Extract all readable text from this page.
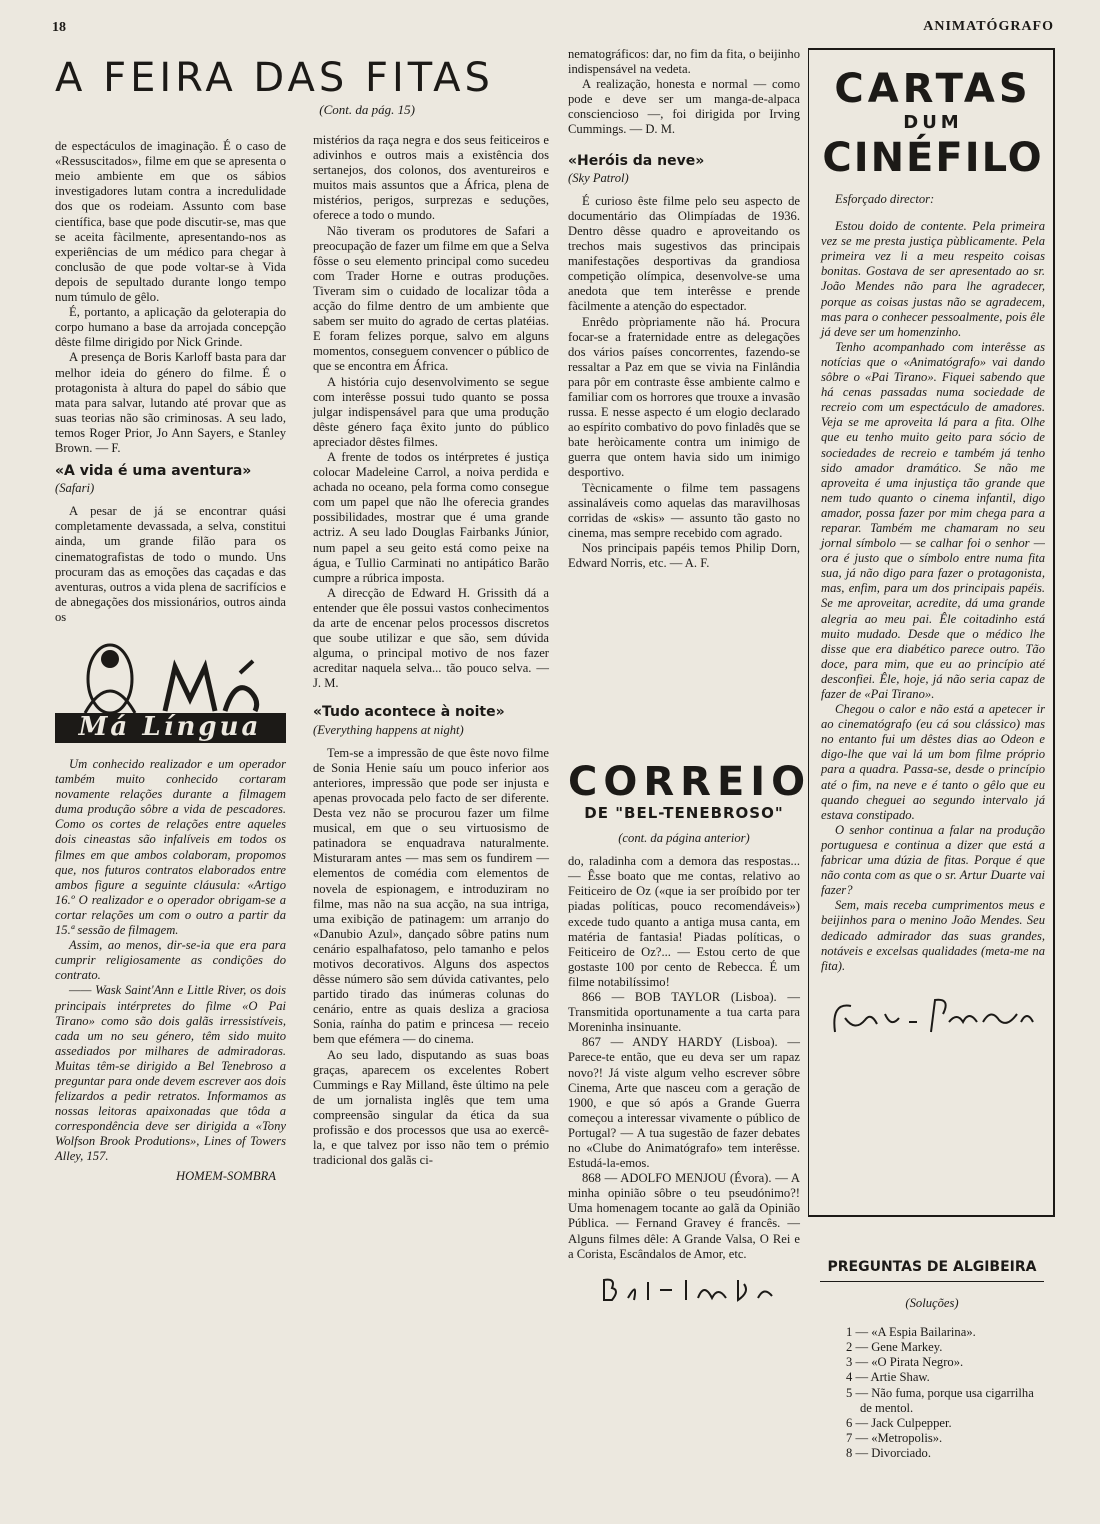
18	ANIMATÓGRAFO
A FEIRA DAS FITAS
(Cont. da pág. 15)

de espectáculos de imaginação. É o caso de «Ressuscitados», filme em que se apresenta o meio ambiente em que os sábios investigadores lutam contra a incredulidade dos que os rodeiam. Assunto com base científica, base que pode discutir-se, mas que se aceita fàcilmente, apresentando-nos as experiências de um médico para chegar à conclusão de que pode voltar-se à Vida depois de sepultado durante longo tempo num túmulo de gêlo.

É, portanto, a aplicação da geloterapia do corpo humano a base da arrojada concepção dêste filme dirigido por Nick Grinde.

A presença de Boris Karloff basta para dar melhor ideia do género do filme. É o protagonista à altura do papel do sábio que mata para salvar, lutando até provar que as suas teorias não são criminosas. A seu lado, temos Roger Prior, Jo Ann Sayers, e Stanley Brown. — F.

«A vida é uma aventura»
(Safari)

A pesar de já se encontrar quási completamente devassada, a selva, constitui ainda, um grande filão para os cinematografistas de todo o mundo. Uns procuram das as emoções das caçadas e das aventuras, outros a vida plena de sacrifícios e de abnegações dos missionários, outros ainda os

Má Língua

Um conhecido realizador e um operador também muito conhecido cortaram novamente relações durante a filmagem duma produção sôbre a vida de pescadores. Como os cortes de relações entre aqueles dois cineastas são infalíveis em todos os filmes em que ambos colaboram, propomos que, nos futuros contratos elaborados entre ambos figure a seguinte cláusula: «Artigo 16.º O realizador e o operador obrigam-se a cortar relações um com o outro a partir da 15.ª sessão de filmagem.

Assim, ao menos, dir-se-ia que era para cumprir religiosamente as condições do contrato.

—— Wask Saint'Ann e Little River, os dois principais intérpretes do filme «O Pai Tirano» como são dois galãs irressistíveis, cada um no seu género, têm sido muito assediados por milhares de admiradoras. Muitas têm-se dirigido a Bel Tenebroso a preguntar para onde devem escrever aos dois felizardos a pedir retratos. Informamos as nossas leitoras apaixonadas que tôda a correspondência deve ser dirigida a «Tony Wolfson Brook Produtions», Lines of Towers Alley, 157.

HOMEM-SOMBRA

mistérios da raça negra e dos seus feiticeiros e adivinhos e outros mais a existência dos sertanejos, dos colonos, dos aventureiros e muitos mais assuntos que a África, plena de mistérios, perigos, surprezas e seduções, oferece a todo o mundo.

Não tiveram os produtores de Safari a preocupação de fazer um filme em que a Selva fôsse o seu elemento principal como sucedeu com Trader Horne e outras produções. Tiveram sim o cuidado de localizar tôda a acção do filme dentro de um ambiente que sabem ser muito do agrado de certas platéias. E foram felizes porque, salvo em alguns momentos, conseguem convencer o público de que se encontra em África.

A história cujo desenvolvimento se segue com interêsse possui tudo quanto se possa julgar indispensável para que uma produção dêste género faça êxito junto do público apreciador dêstes filmes.

A frente de todos os intérpretes é justiça colocar Madeleine Carrol, a noiva perdida e achada no oceano, pela forma como consegue com um papel que não lhe oferecia grandes possibilidades, mostrar que é uma grande actriz. A seu lado Douglas Fairbanks Júnior, num papel a seu geito está como peixe na água, e Tullio Carminati no antipático Barão cumpre a rúbrica imposta.

A direcção de Edward H. Grissith dá a entender que êle possui vastos conhecimentos da arte de encenar pelos processos discretos que soube utilizar e que são, sem dúvida alguma, o principal motivo de nos fazer acreditar naquela selva... tão pouco selva. — J. M.

«Tudo acontece à noite»
(Everything happens at night)

Tem-se a impressão de que êste novo filme de Sonia Henie saíu um pouco inferior aos anteriores, impressão que pode ser injusta e apenas provocada pelo facto de ser diferente. Desta vez não se procurou fazer um filme musical, em que o seu virtuosismo de patinadora se enquadrava naturalmente. Misturaram antes — mas sem os fundirem — elementos de comédia com elementos de novela de espionagem, e introduziram no filme, mas não na sua acção, na sua intriga, uma exibição de patinagem: um arranjo do «Danubio Azul», dançado sôbre patins num cenário espalhafatoso, pelo tamanho e pelos motivos decorativos. Alguns dos aspectos dêsse número são sem dúvida cativantes, pelo partido tirado das inúmeras colunas do cenário, entre as quais desliza a graciosa Sonia, raínha do patim e princesa — receio bem que efémera — do cinema.

Ao seu lado, disputando as suas boas graças, aparecem os excelentes Robert Cummings e Ray Milland, êste último na pele de um jornalista inglês que tem uma compreensão singular da ética da sua profissão e dos processos que usa ao exercê-la, e que talvez por isso não tem o prémio tradicional dos galãs ci-

nematográficos: dar, no fim da fita, o beijinho indispensável na vedeta.

A realização, honesta e normal — como pode e deve ser um manga-de-alpaca consciencioso —, foi dirigida por Irving Cummings. — D. M.

«Heróis da neve»
(Sky Patrol)

É curioso êste filme pelo seu aspecto de documentário das Olimpíadas de 1936. Dentro dêsse quadro e aproveitando os trechos mais sugestivos das principais manifestações desportivas da grandiosa competição olímpica, desenvolve-se uma anedota que tem interêsse e prende fàcilmente a atenção do espectador.

Enrêdo pròpriamente não há. Procura focar-se a fraternidade entre as delegações dos vários países concorrentes, fazendo-se ressaltar a Paz em que se vivia na Finlândia para pôr em contraste êsse ambiente calmo e familiar com os horrores que trouxe a invasão russa. E nesse aspecto é um elogio declarado ao espírito combativo do povo finladês que se bate heròicamente contra um inimigo de guerra que ontem havia sido um inimigo desportivo.

Tècnicamente o filme tem passagens assinaláveis como aquelas das maravilhosas corridas de «skis» — assunto tão gasto no cinema, mas sempre recebido com agrado.

Nos principais papéis temos Philip Dorn, Edward Norris, etc. — A. F.

CORREIO
DE "BEL-TENEBROSO"
(cont. da página anterior)

do, raladinha com a demora das respostas... — Êsse boato que me contas, relativo ao Feiticeiro de Oz («que ia ser proíbido por ter piadas políticas, pouco recomendáveis») excede tudo quanto a antiga musa canta, em matéria de fantasia! Piadas políticas, o Feiticeiro de Oz?... — Estou certo de que gostaste 100 por cento de Rebecca. É um filme notabilíssimo!

866 — BOB TAYLOR (Lisboa). — Transmitida oportunamente a tua carta para Moreninha insinuante.

867 — ANDY HARDY (Lisboa). — Parece-te então, que eu deva ser um rapaz novo?! Já viste algum velho escrever sôbre Cinema, Arte que nasceu com a geração de 1900, e que só após a Grande Guerra começou a interessar vivamente o público de Portugal? — A tua sugestão de fazer debates no «Clube do Animatógrafo» tem interêsse. Estudá-la-emos.

868 — ADOLFO MENJOU (Évora). — A minha opinião sôbre o teu pseudónimo?! Uma homenagem tocante ao galã da Opinião Pública. — Fernand Gravey é francês. — Alguns filmes dêle: A Grande Valsa, O Rei e a Corista, Escândalos de Amor, etc.

CARTAS
DUM
CINÉFILO

Esforçado director:

Estou doido de contente. Pela primeira vez se me presta justiça pùblicamente. Pela primeira vez li a meu respeito coisas bonitas. Gostava de ser apresentado ao sr. João Mendes não para lhe agradecer, porque as coisas justas não se agradecem, mas para o conhecer pessoalmente, pois êle já deve ser um homenzinho.

Tenho acompanhado com interêsse as notícias que o «Animatógrafo» vai dando sôbre o «Pai Tirano». Fiquei sabendo que há cenas passadas numa sociedade de recreio com um espectáculo de amadores. Veja se me aproveita lá para a fita. Olhe que eu tenho muito geito para sócio de sociedades de recreio e também já tenho sido amador dramático. Se não me aproveita é uma injustiça tão grande que nem tudo quanto o cinema infantil, digo amador, possa fazer por mim chega para a reparar. Também me chamaram no seu jornal símbolo — se calhar foi o senhor — ora é justo que o símbolo entre numa fita sua, já não digo para fazer o protagonista, mas, enfim, para um dos principais papéis. Se me aproveitar, acredite, dá uma grande alegria ao meu pai. Êle coitadinho está muito mudado. Desde que o médico lhe disse que era diabético parece outro. Tão doce, para mim, que eu ao princípio até desconfiei. Êle, hoje, já não seria capaz de fazer de «Pai Tirano».

Chegou o calor e não está a apetecer ir ao cinematógrafo (eu cá sou clássico) mas no entanto fui um dêstes dias ao Odeon e digo-lhe que vai lá um bom filme próprio para a quadra. Passa-se, desde o princípio até o fim, na neve e é tanto o gêlo que eu quando cheguei ao segundo intervalo já estava constipado.

O senhor continua a falar na produção portuguesa e continua a dizer que está a fabricar uma dúzia de fitas. Porque é que não conta com as que o sr. Artur Duarte vai fazer?

Sem, mais receba cumprimentos meus e beijinhos para o menino João Mendes. Seu dedicado admirador das suas grandes, notáveis e excelsas qualidades (meta-me na fita).

PREGUNTAS DE ALGIBEIRA
(Soluções)
1 — «A Espia Bailarina».
2 — Gene Markey.
3 — «O Pirata Negro».
4 — Artie Shaw.
5 — Não fuma, porque usa cigarrilha de mentol.
6 — Jack Culpepper.
7 — «Metropolis».
8 — Divorciado.
